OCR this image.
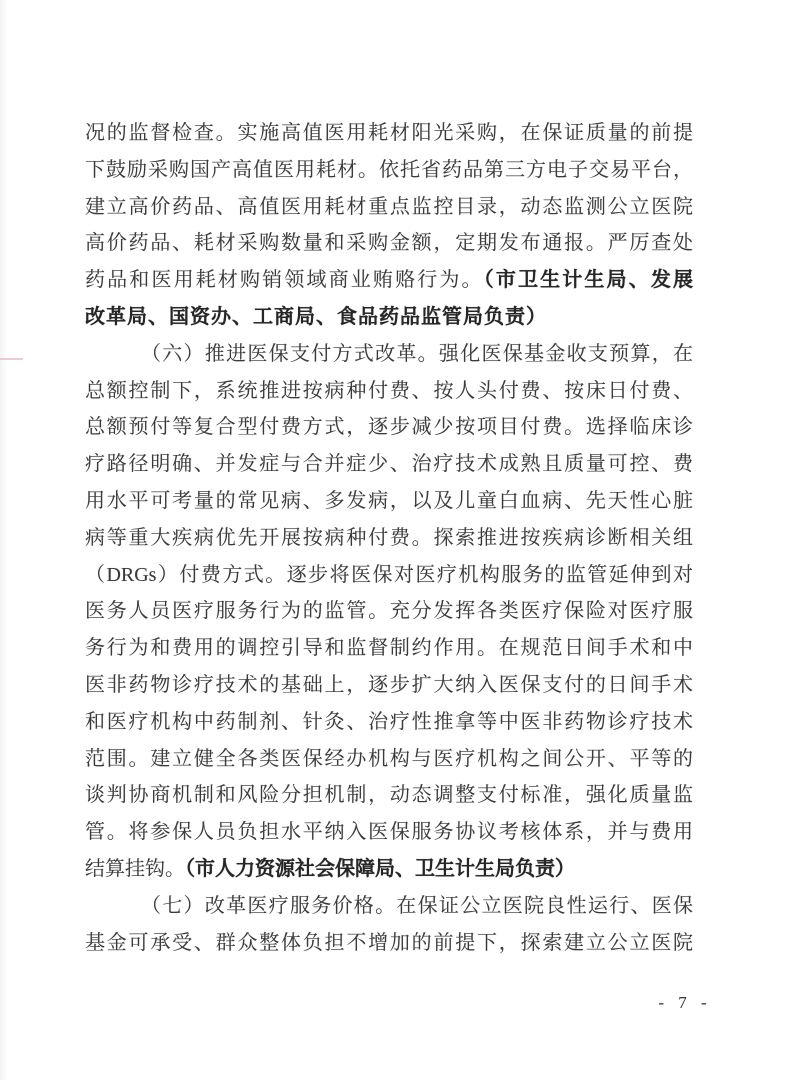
况的监督检查。实施高值医用耗材阳光采购，在保证质量的前提
下鼓励采购国产高值医用耗材。依托省药品第三方电子交易平台，
建立高价药品、高值医用耗材重点监控目录，动态监测公立医院
高价药品、耗材采购数量和采购金额，定期发布通报。严厉查处
药品和医用耗材购销领域商业贿赂行为。（市卫生计生局、发展
改革局、国资办、工商局、食品药品监管局负责）
（六）推进医保支付方式改革。强化医保基金收支预算，在
总额控制下，系统推进按病种付费、按人头付费、按床日付费、
总额预付等复合型付费方式，逐步减少按项目付费。选择临床诊
疗路径明确、并发症与合并症少、治疗技术成熟且质量可控、费
用水平可考量的常见病、多发病，以及儿童白血病、先天性心脏
病等重大疾病优先开展按病种付费。探索推进按疾病诊断相关组
（DRGs）付费方式。逐步将医保对医疗机构服务的监管延伸到对
医务人员医疗服务行为的监管。充分发挥各类医疗保险对医疗服
务行为和费用的调控引导和监督制约作用。在规范日间手术和中
医非药物诊疗技术的基础上，逐步扩大纳入医保支付的日间手术
和医疗机构中药制剂、针灸、治疗性推拿等中医非药物诊疗技术
范围。建立健全各类医保经办机构与医疗机构之间公开、平等的
谈判协商机制和风险分担机制，动态调整支付标准，强化质量监
管。将参保人员负担水平纳入医保服务协议考核体系，并与费用
结算挂钩。（市人力资源社会保障局、卫生计生局负责）
（七）改革医疗服务价格。在保证公立医院良性运行、医保
基金可承受、群众整体负担不增加的前提下，探索建立公立医院
- 7 -
